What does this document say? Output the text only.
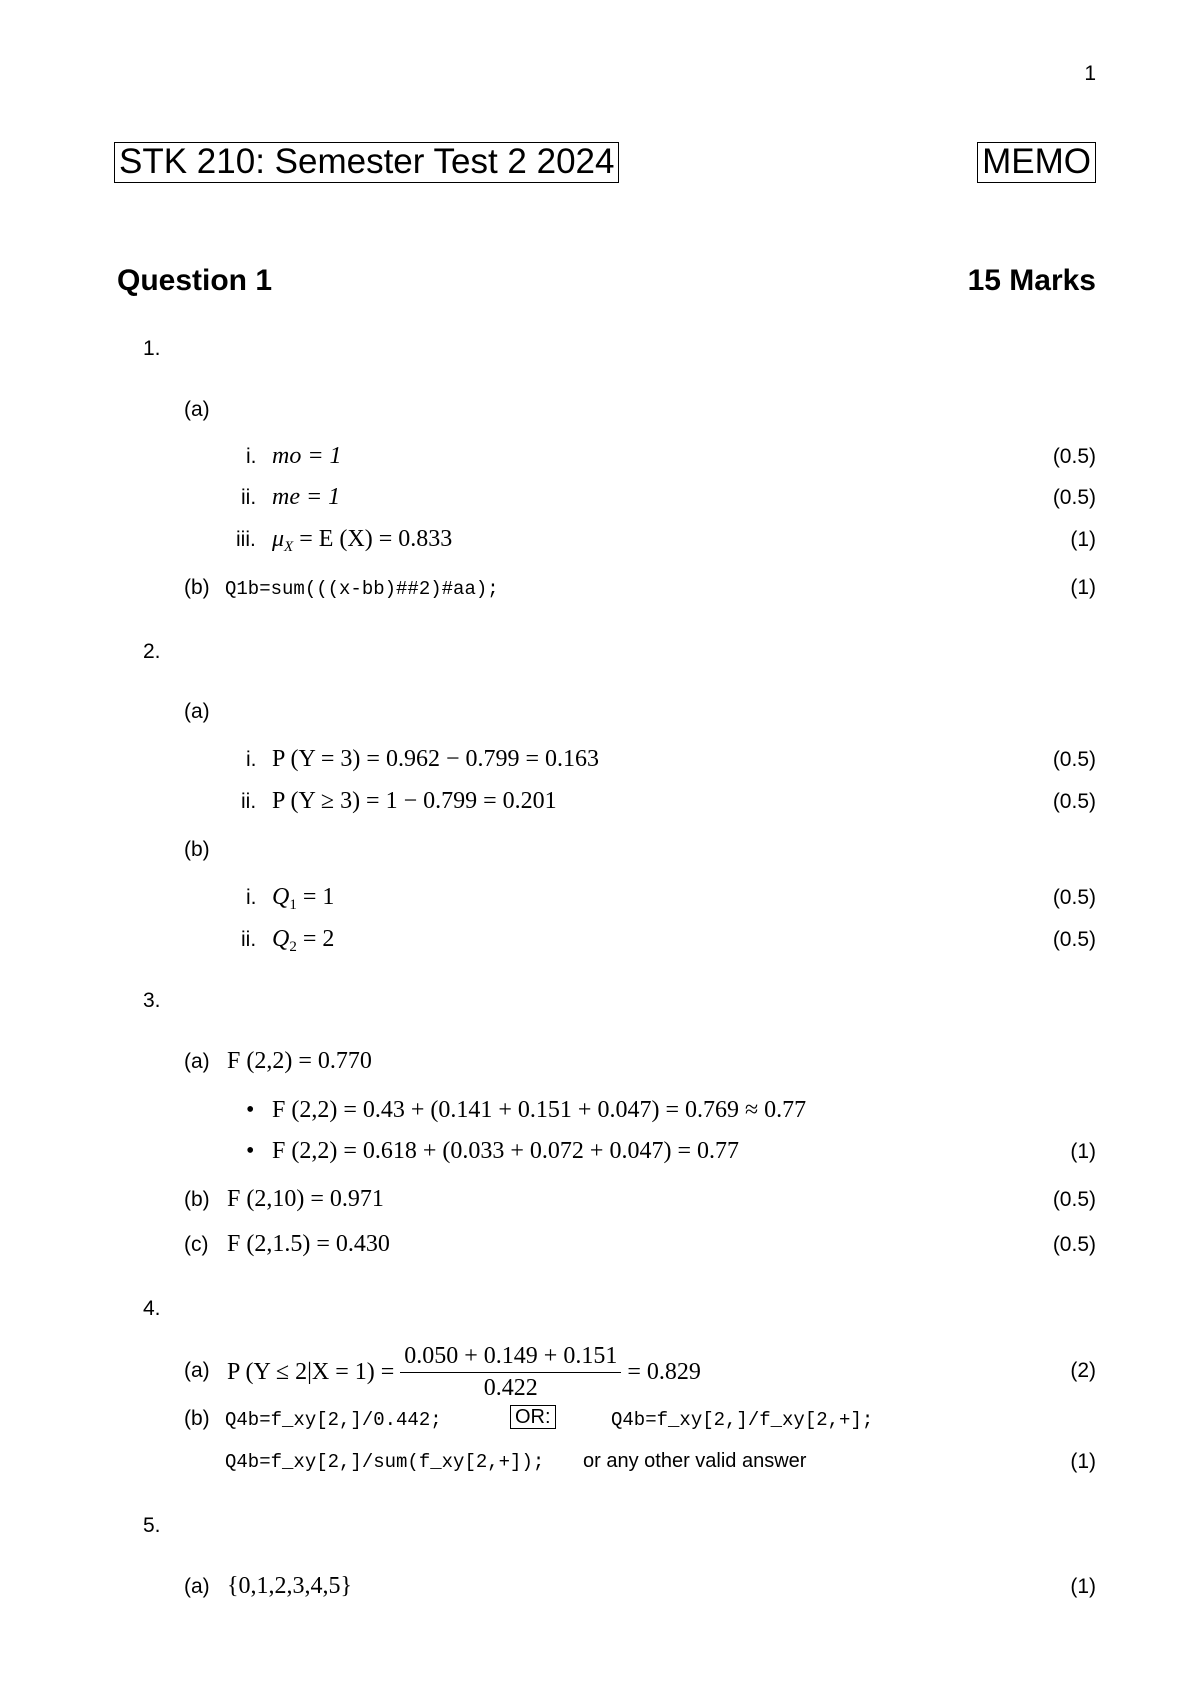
1
STK 210: Semester Test 2 2024	MEMO
Question 1	15 Marks
1.
(a)
i. mo = 1	(0.5)
ii. me = 1	(0.5)
iii. $\mu_X = E$ (X) = 0.833	(1)
(b) Q1b=sum(((x-bb)##2)#aa);	(1)
2.
(a)
i. P (Y = 3) = 0.962 − 0.799 = 0.163	(0.5)
ii. P (Y ≥ 3) = 1 − 0.799 = 0.201	(0.5)
(b)
i. $Q_1 = 1$	(0.5)
ii. $Q_2 = 2$	(0.5)
3.
(a) F (2,2) = 0.770
• F (2,2) = 0.43 + (0.141 + 0.151 + 0.047) = 0.769 ≈ 0.77
• F (2,2) = 0.618 + (0.033 + 0.072 + 0.047) = 0.77	(1)
(b) F (2,10) = 0.971	(0.5)
(c) F (2,1.5) = 0.430	(0.5)
4.
(a) P $(Y \le 2|X = 1) = \frac{0.050 + 0.149 + 0.151}{0.422} = 0.829$	(2)
(b) Q4b=f_xy[2,]/0.442;	OR:	Q4b=f_xy[2,]/f_xy[2,+];
Q4b=f_xy[2,]/sum(f_xy[2,+]); or any other valid answer	(1)
5.
(a) {0,1,2,3,4,5}	(1)
